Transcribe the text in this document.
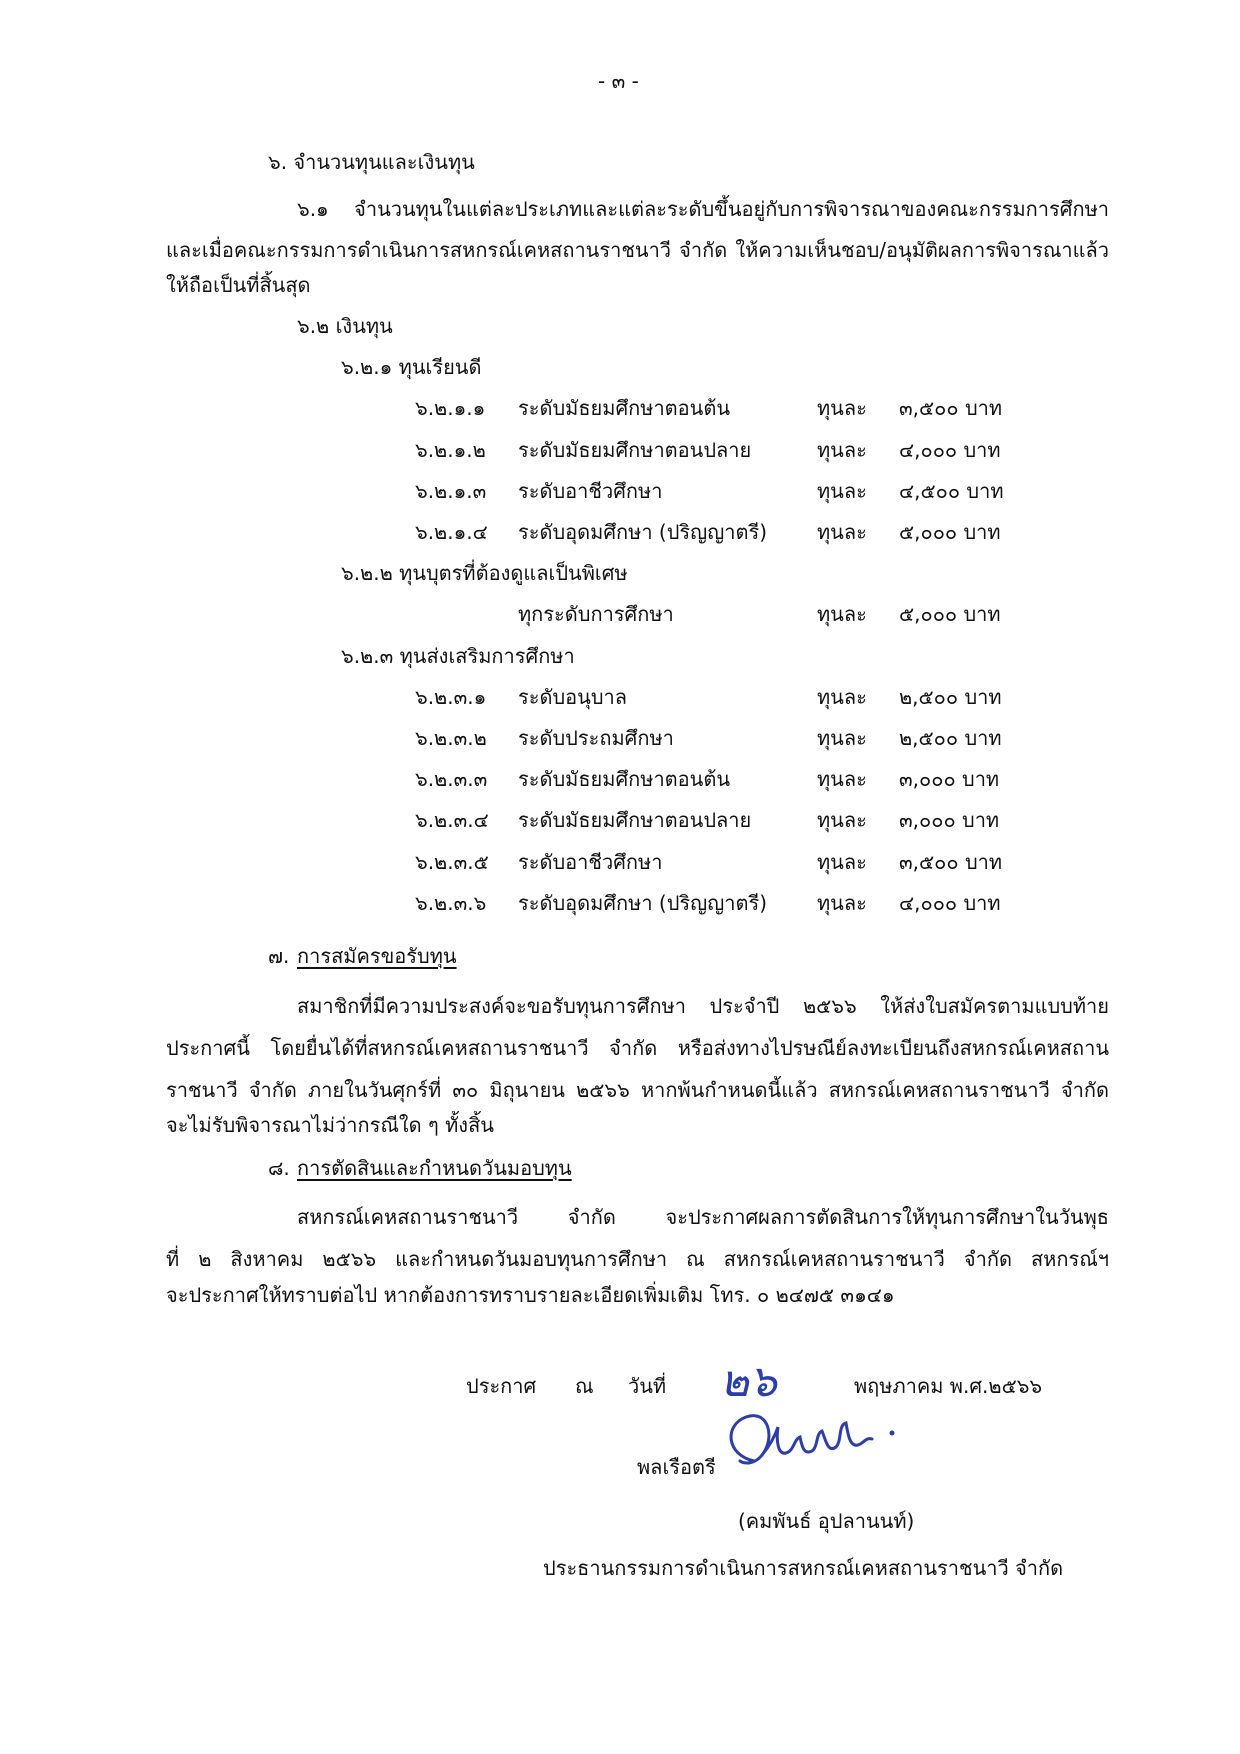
- ๓ -
๖. จำนวนทุนและเงินทุน
๖.๑ จำนวนทุนในแต่ละประเภทและแต่ละระดับขึ้นอยู่กับการพิจารณาของคณะกรรมการศึกษา
และเมื่อคณะกรรมการดำเนินการสหกรณ์เคหสถานราชนาวี จำกัด ให้ความเห็นชอบ/อนุมัติผลการพิจารณาแล้ว
ให้ถือเป็นที่สิ้นสุด
๖.๒ เงินทุน
๖.๒.๑ ทุนเรียนดี
๖.๒.๑.๑ ระดับมัธยมศึกษาตอนต้น	ทุนละ ๓,๕๐๐ บาท
๖.๒.๑.๒ ระดับมัธยมศึกษาตอนปลาย	ทุนละ ๔,๐๐๐ บาท
๖.๒.๑.๓ ระดับอาชีวศึกษา	ทุนละ ๔,๕๐๐ บาท
๖.๒.๑.๔ ระดับอุดมศึกษา (ปริญญาตรี) ทุนละ ๕,๐๐๐ บาท
๖.๒.๒ ทุนบุตรที่ต้องดูแลเป็นพิเศษ
ทุกระดับการศึกษา	ทุนละ ๕,๐๐๐ บาท
๖.๒.๓ ทุนส่งเสริมการศึกษา
๖.๒.๓.๑ ระดับอนุบาล	ทุนละ ๒,๕๐๐ บาท
๖.๒.๓.๒ ระดับประถมศึกษา	ทุนละ ๒,๕๐๐ บาท
๖.๒.๓.๓ ระดับมัธยมศึกษาตอนต้น	ทุนละ ๓,๐๐๐ บาท
๖.๒.๓.๔ ระดับมัธยมศึกษาตอนปลาย	ทุนละ ๓,๐๐๐ บาท
๖.๒.๓.๕ ระดับอาชีวศึกษา	ทุนละ ๓,๕๐๐ บาท
๖.๒.๓.๖ ระดับอุดมศึกษา (ปริญญาตรี) ทุนละ ๔,๐๐๐ บาท
๗. การสมัครขอรับทุน
สมาชิกที่มีความประสงค์จะขอรับทุนการศึกษา ประจำปี ๒๕๖๖ ให้ส่งใบสมัครตามแบบท้าย
ประกาศนี้ โดยยื่นได้ที่สหกรณ์เคหสถานราชนาวี จำกัด หรือส่งทางไปรษณีย์ลงทะเบียนถึงสหกรณ์เคหสถาน
ราชนาวี จำกัด ภายในวันศุกร์ที่ ๓๐ มิถุนายน ๒๕๖๖ หากพ้นกำหนดนี้แล้ว สหกรณ์เคหสถานราชนาวี จำกัด
จะไม่รับพิจารณาไม่ว่ากรณีใด ๆ ทั้งสิ้น
๘. การตัดสินและกำหนดวันมอบทุน
สหกรณ์เคหสถานราชนาวี จำกัด จะประกาศผลการตัดสินการให้ทุนการศึกษาในวันพุธ
ที่ ๒ สิงหาคม ๒๕๖๖ และกำหนดวันมอบทุนการศึกษา ณ สหกรณ์เคหสถานราชนาวี จำกัด สหกรณ์ฯ
จะประกาศให้ทราบต่อไป หากต้องการทราบรายละเอียดเพิ่มเติม โทร. ๐ ๒๔๗๕ ๓๑๔๑
ประกาศ ณ วันที่ ๒๖	พฤษภาคม พ.ศ.๒๕๖๖
พลเรือตรี
(คมพันธ์ อุปลานนท์)
ประธานกรรมการดำเนินการสหกรณ์เคหสถานราชนาวี จำกัด
